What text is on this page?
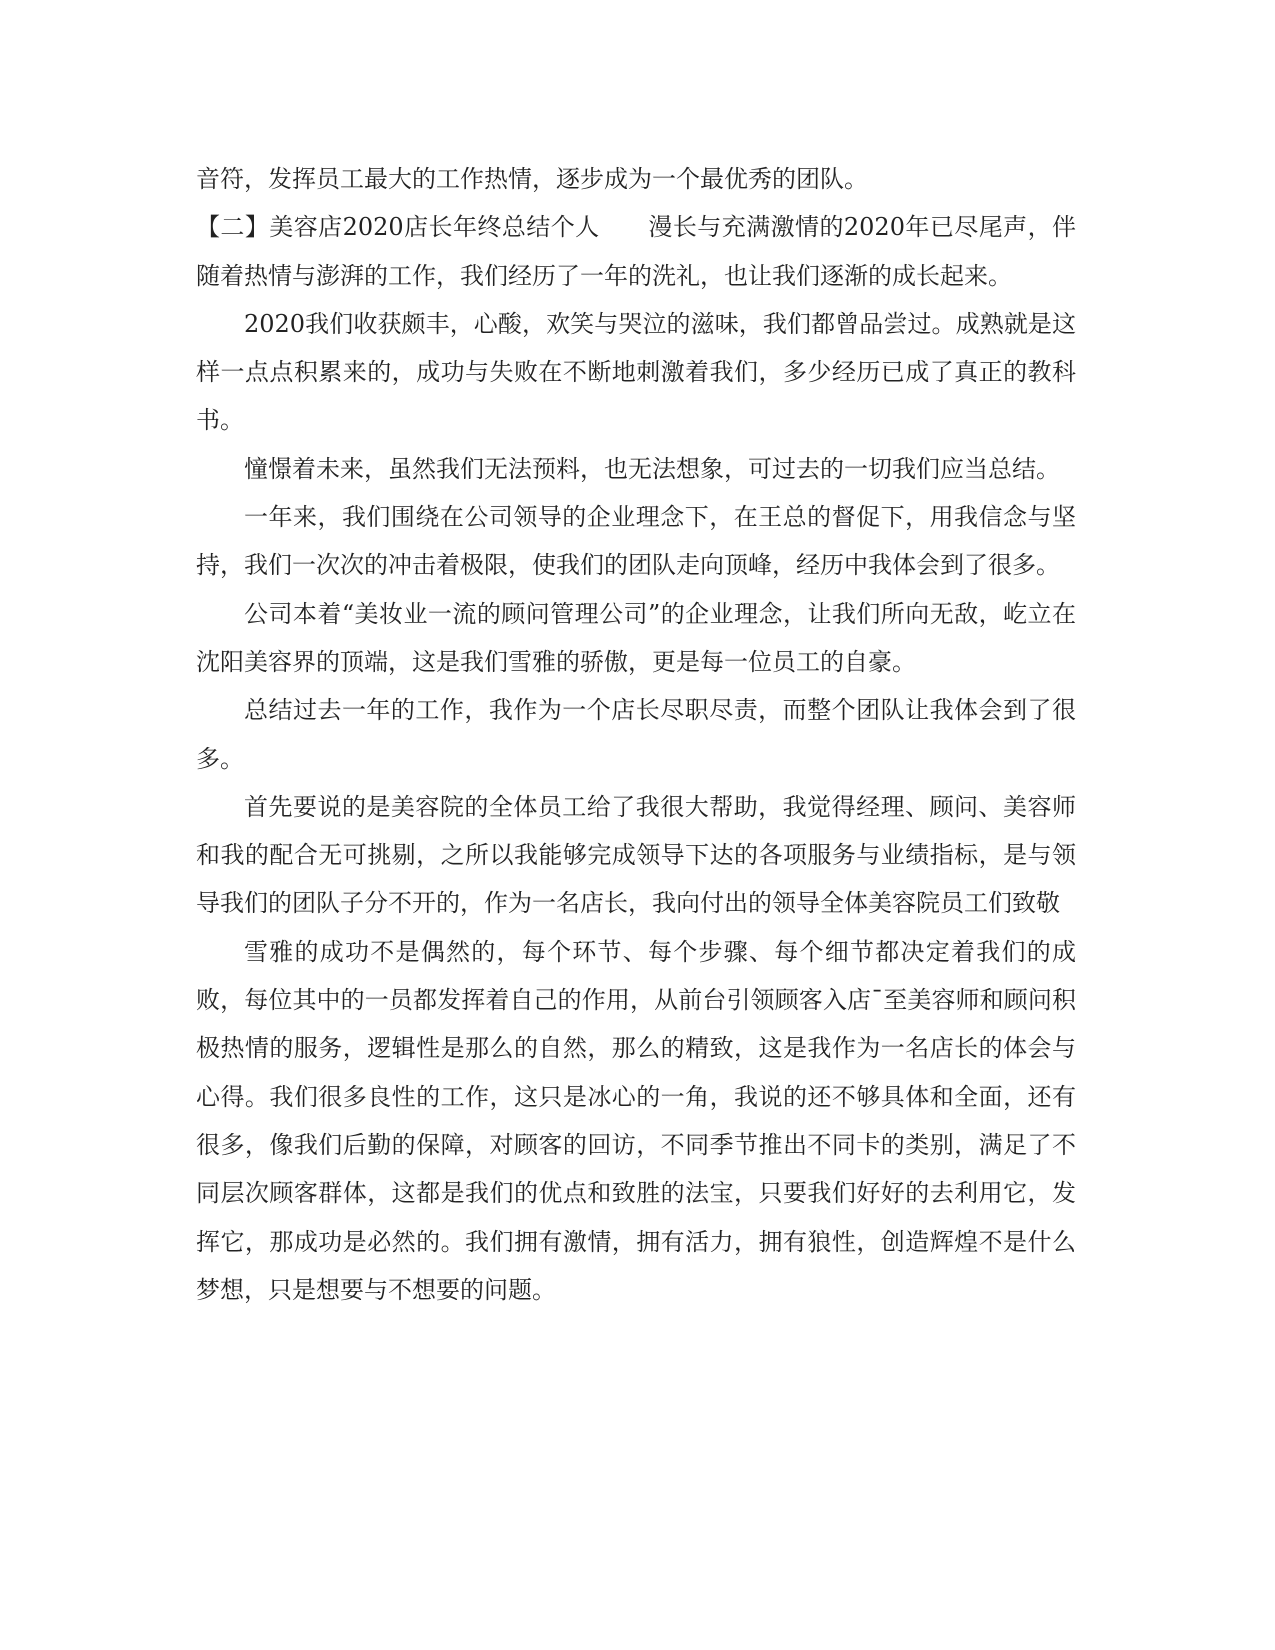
音符，发挥员工最大的工作热情，逐步成为一个最优秀的团队。

【二】美容店2020店长年终总结个人　　漫长与充满激情的2020年已尽尾声，伴随着热情与澎湃的工作，我们经历了一年的洗礼，也让我们逐渐的成长起来。

2020我们收获颇丰，心酸，欢笑与哭泣的滋味，我们都曾品尝过。成熟就是这样一点点积累来的，成功与失败在不断地刺激着我们，多少经历已成了真正的教科书。

憧憬着未来，虽然我们无法预料，也无法想象，可过去的一切我们应当总结。

一年来，我们围绕在公司领导的企业理念下，在王总的督促下，用我信念与坚持，我们一次次的冲击着极限，使我们的团队走向顶峰，经历中我体会到了很多。

公司本着“美妆业一流的顾问管理公司”的企业理念，让我们所向无敌，屹立在沈阳美容界的顶端，这是我们雪雅的骄傲，更是每一位员工的自豪。

总结过去一年的工作，我作为一个店长尽职尽责，而整个团队让我体会到了很多。

首先要说的是美容院的全体员工给了我很大帮助，我觉得经理、顾问、美容师和我的配合无可挑剔，之所以我能够完成领导下达的各项服务与业绩指标，是与领导我们的团队子分不开的，作为一名店长，我向付出的领导全体美容院员工们致敬

雪雅的成功不是偶然的，每个环节、每个步骤、每个细节都决定着我们的成败，每位其中的一员都发挥着自己的作用，从前台引领顾客入店¯至美容师和顾问积极热情的服务，逻辑性是那么的自然，那么的精致，这是我作为一名店长的体会与心得。我们很多良性的工作，这只是冰心的一角，我说的还不够具体和全面，还有很多，像我们后勤的保障，对顾客的回访，不同季节推出不同卡的类别，满足了不同层次顾客群体，这都是我们的优点和致胜的法宝，只要我们好好的去利用它，发挥它，那成功是必然的。我们拥有激情，拥有活力，拥有狼性，创造辉煌不是什么梦想，只是想要与不想要的问题。
